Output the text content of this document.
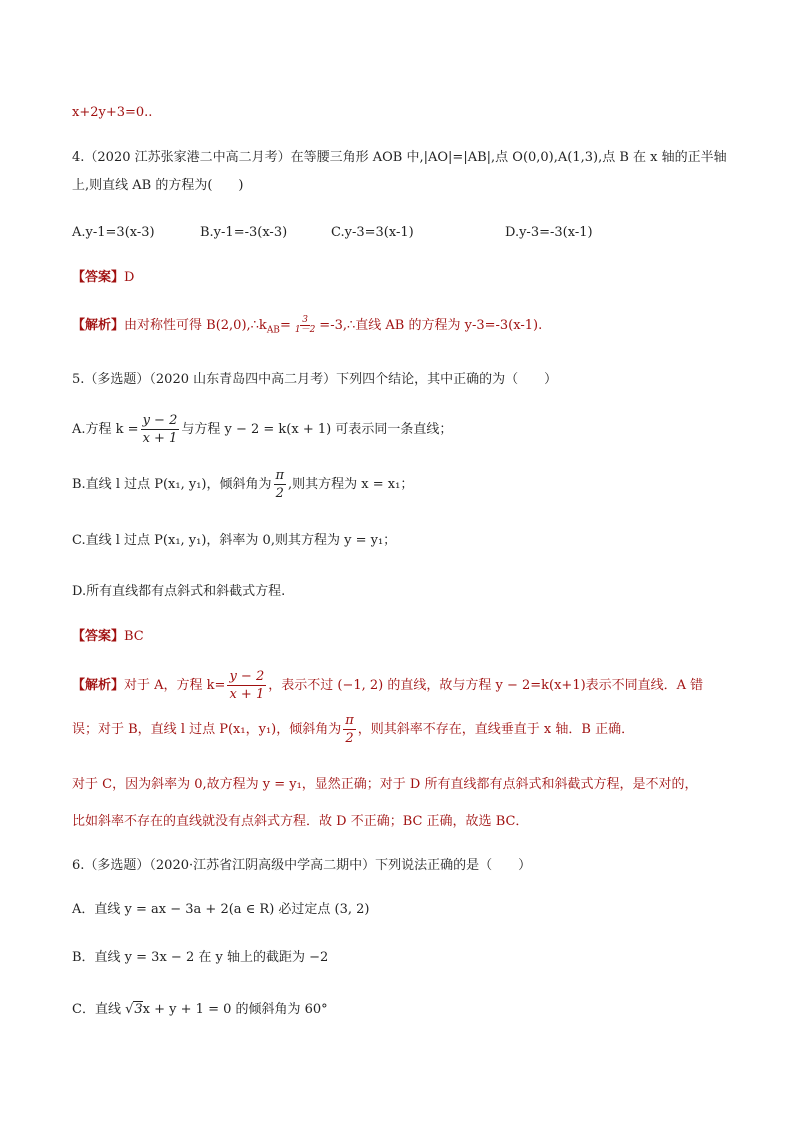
x+2y+3=0..
4.（2020 江苏张家港二中高二月考）在等腰三角形 AOB 中,|AO|=|AB|,点 O(0,0),A(1,3),点 B 在 x 轴的正半轴
上,则直线 AB 的方程为(　　)
A.y-1=3(x-3)	B.y-1=-3(x-3)	C.y-3=3(x-1)	D.y-3=-3(x-1)
【答案】D
【解析】由对称性可得 $B(2,0),\therefore k_{AB}= \frac{3}{1-2}$ =-3,∴直线 AB 的方程为 y-3=-3(x-1).
5.（多选题）（2020 山东青岛四中高二月考）下列四个结论，其中正确的为（　　）
A.方程 $k = \frac{y - 2}{x + 1}$ 与方程 y − 2 = k(x + 1) 可表示同一条直线；
B.直线 l 过点 P(x₁, y₁)，倾斜角为 $\frac{\pi}{2}$ ,则其方程为 x = x₁；
C.直线 l 过点 P(x₁, y₁)，斜率为 0,则其方程为 y = y₁；
D.所有直线都有点斜式和斜截式方程.
【答案】BC
【解析】对于 A，方程 $k= \frac{y - 2}{x + 1}$ ，表示不过 (−1, 2) 的直线，故与方程 y − 2=k(x+1)表示不同直线．A 错
误；对于 B，直线 l 过点 P(x₁，y₁)，倾斜角为 $\frac{\pi}{2}$ ，则其斜率不存在，直线垂直于 x 轴．B 正确．
对于 C，因为斜率为 0,故方程为 y = y₁，显然正确；对于 D 所有直线都有点斜式和斜截式方程，是不对的，
比如斜率不存在的直线就没有点斜式方程．故 D 不正确；BC 正确，故选 BC．
6.（多选题）（2020·江苏省江阴高级中学高二期中）下列说法正确的是（　　）
A．直线 y = ax − 3a + 2(a ∈ R) 必过定点 (3, 2)
B．直线 y = 3x − 2 在 y 轴上的截距为 −2
C．直线 √3x + y + 1 = 0 的倾斜角为 60°
